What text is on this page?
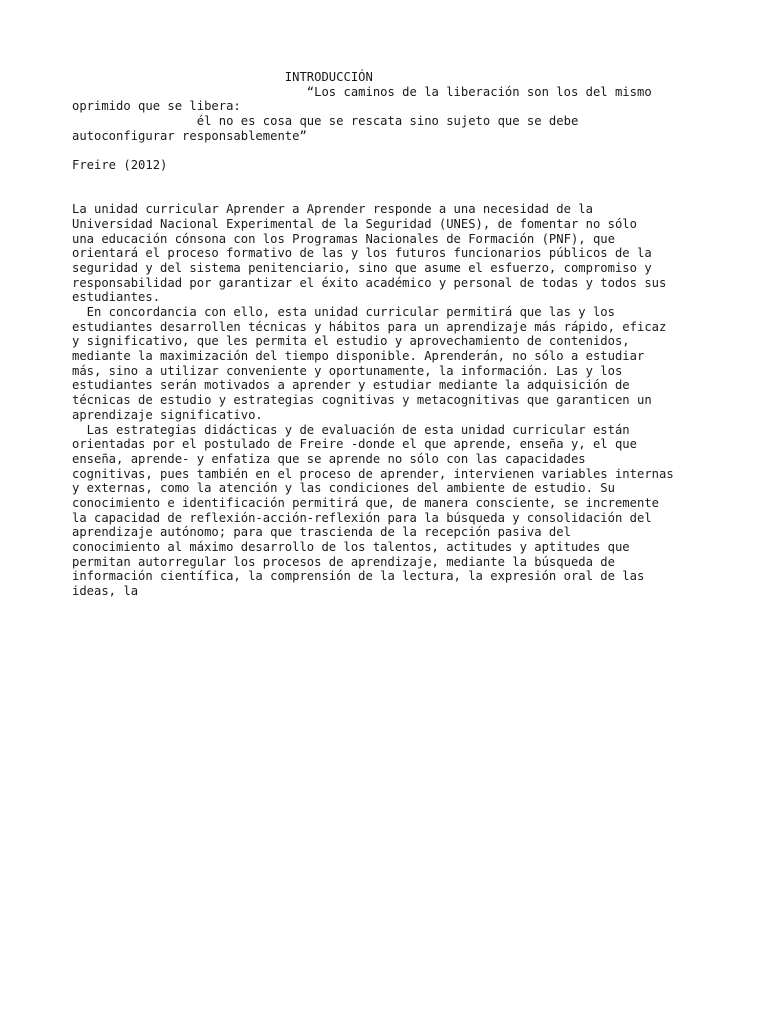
INTRODUCCIÓN
“Los caminos de la liberación son los del mismo
oprimido que se libera:
él no es cosa que se rescata sino sujeto que se debe
autoconfigurar responsablemente”
Freire (2012)
La unidad curricular Aprender a Aprender responde a una necesidad de la
Universidad Nacional Experimental de la Seguridad (UNES), de fomentar no sólo
una educación cónsona con los Programas Nacionales de Formación (PNF), que
orientará el proceso formativo de las y los futuros funcionarios públicos de la
seguridad y del sistema penitenciario, sino que asume el esfuerzo, compromiso y
responsabilidad por garantizar el éxito académico y personal de todas y todos sus
estudiantes.
En concordancia con ello, esta unidad curricular permitirá que las y los
estudiantes desarrollen técnicas y hábitos para un aprendizaje más rápido, eficaz
y significativo, que les permita el estudio y aprovechamiento de contenidos,
mediante la maximización del tiempo disponible. Aprenderán, no sólo a estudiar
más, sino a utilizar conveniente y oportunamente, la información. Las y los
estudiantes serán motivados a aprender y estudiar mediante la adquisición de
técnicas de estudio y estrategias cognitivas y metacognitivas que garanticen un
aprendizaje significativo.
Las estrategias didácticas y de evaluación de esta unidad curricular están
orientadas por el postulado de Freire -donde el que aprende, enseña y, el que
enseña, aprende- y enfatiza que se aprende no sólo con las capacidades
cognitivas, pues también en el proceso de aprender, intervienen variables internas
y externas, como la atención y las condiciones del ambiente de estudio. Su
conocimiento e identificación permitirá que, de manera consciente, se incremente
la capacidad de reflexión-acción-reflexión para la búsqueda y consolidación del
aprendizaje autónomo; para que trascienda de la recepción pasiva del
conocimiento al máximo desarrollo de los talentos, actitudes y aptitudes que
permitan autorregular los procesos de aprendizaje, mediante la búsqueda de
información científica, la comprensión de la lectura, la expresión oral de las
ideas, la
